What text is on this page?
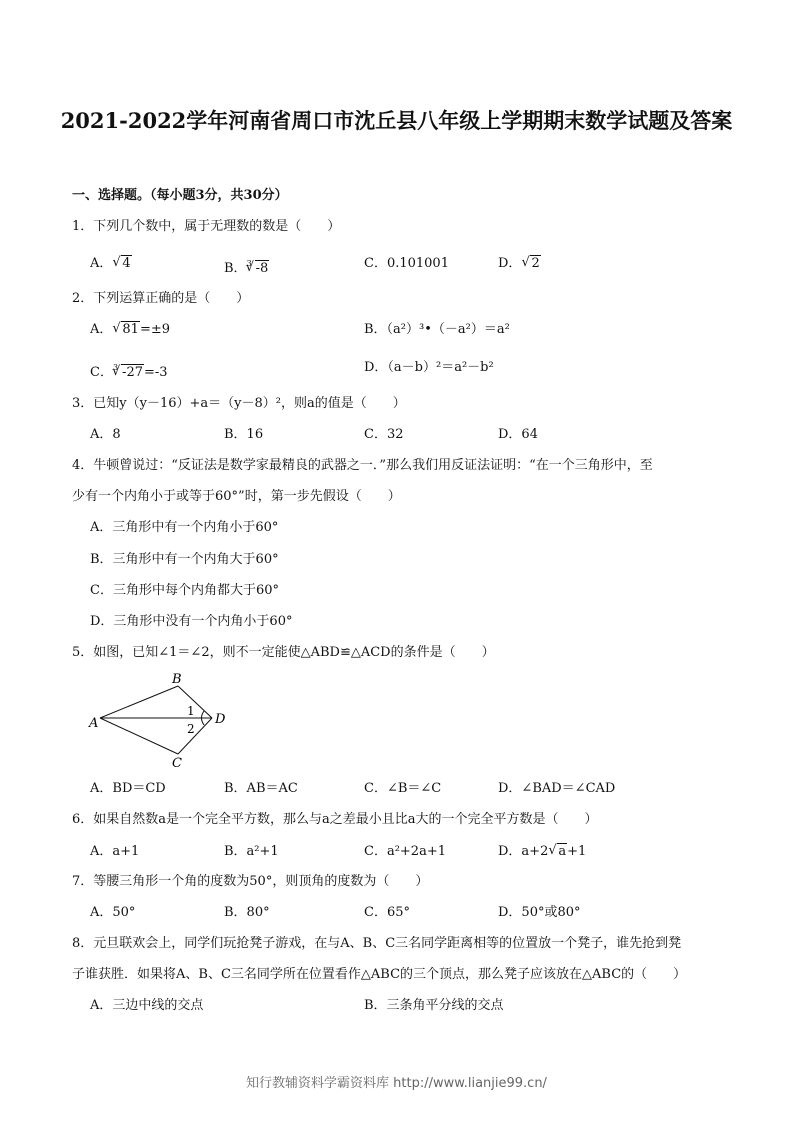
2021-2022学年河南省周口市沈丘县八年级上学期期末数学试题及答案
一、选择题。（每小题3分，共30分）
1．下列几个数中，属于无理数的数是（　　）
A． √ 4	B．$^3$ √ -8	C．0.101001	D． √ 2
2．下列运算正确的是（　　）
A． √ 81=±9	B．（a²）³•（－a²）＝a²
C．$^3$ √ -27=-3	D．（a－b）²＝a²－b²
3．已知y（y－16）+a＝（y－8）²，则a的值是（　　）
A．8	B．16	C．32	D．64
4．牛顿曾说过：“反证法是数学家最精良的武器之一．”那么我们用反证法证明：“在一个三角形中，至
少有一个内角小于或等于60°”时，第一步先假设（　　）
A．三角形中有一个内角小于60°
B．三角形中有一个内角大于60°
C．三角形中每个内角都大于60°
D．三角形中没有一个内角小于60°
5．如图，已知∠1＝∠2，则不一定能使△ABD≌△ACD的条件是（　　）
A
B
C
D
1
2
A．BD＝CD	B．AB＝AC	C．∠B＝∠C	D．∠BAD＝∠CAD
6．如果自然数a是一个完全平方数，那么与a之差最小且比a大的一个完全平方数是（　　）
A．a+1	B．a²+1	C．a²+2a+1	D．a+2 √ a+1
7．等腰三角形一个角的度数为50°，则顶角的度数为（　　）
A．50°	B．80°	C．65°	D．50°或80°
8．元旦联欢会上，同学们玩抢凳子游戏，在与A、B、C三名同学距离相等的位置放一个凳子，谁先抢到凳
子谁获胜．如果将A、B、C三名同学所在位置看作△ABC的三个顶点，那么凳子应该放在△ABC的（　　）
A．三边中线的交点	B．三条角平分线的交点
知行教辅资料学霸资料库 http://www.lianjie99.cn/
